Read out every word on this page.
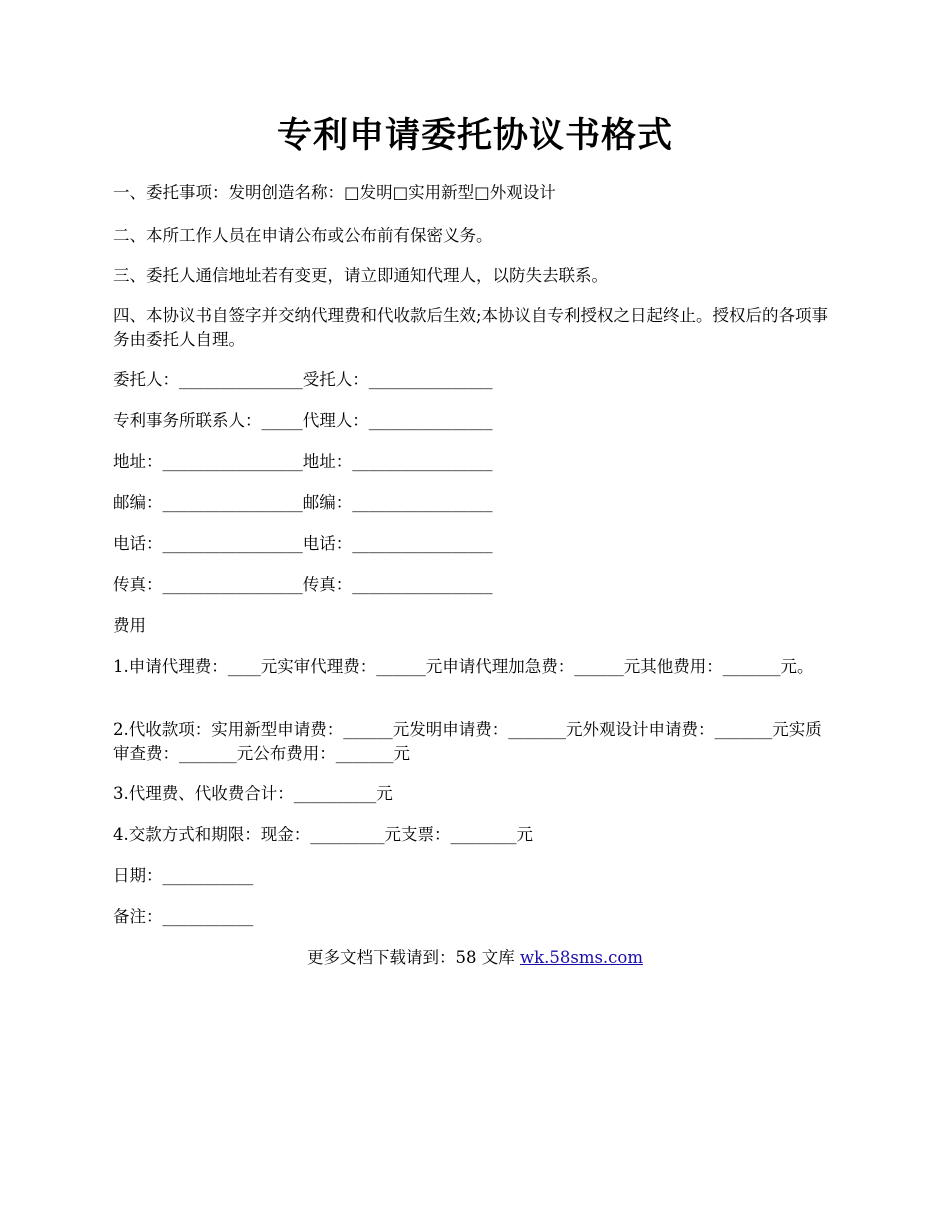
专利申请委托协议书格式
一、委托事项：发明创造名称：□发明□实用新型□外观设计
二、本所工作人员在申请公布或公布前有保密义务。
三、委托人通信地址若有变更，请立即通知代理人，以防失去联系。
四、本协议书自签字并交纳代理费和代收款后生效;本协议自专利授权之日起终止。授权后的各项事务由委托人自理。
委托人：_______________受托人：_______________
专利事务所联系人：_____代理人：_______________
地址：_________________地址：_________________
邮编：_________________邮编：_________________
电话：_________________电话：_________________
传真：_________________传真：_________________
费用
1.申请代理费：____元实审代理费：______元申请代理加急费：______元其他费用：_______元。
2.代收款项：实用新型申请费：______元发明申请费：_______元外观设计申请费：_______元实质审查费：_______元公布费用：_______元
3.代理费、代收费合计：__________元
4.交款方式和期限：现金：_________元支票：________元
日期：___________
备注：___________
更多文档下载请到：58 文库 wk.58sms.com
